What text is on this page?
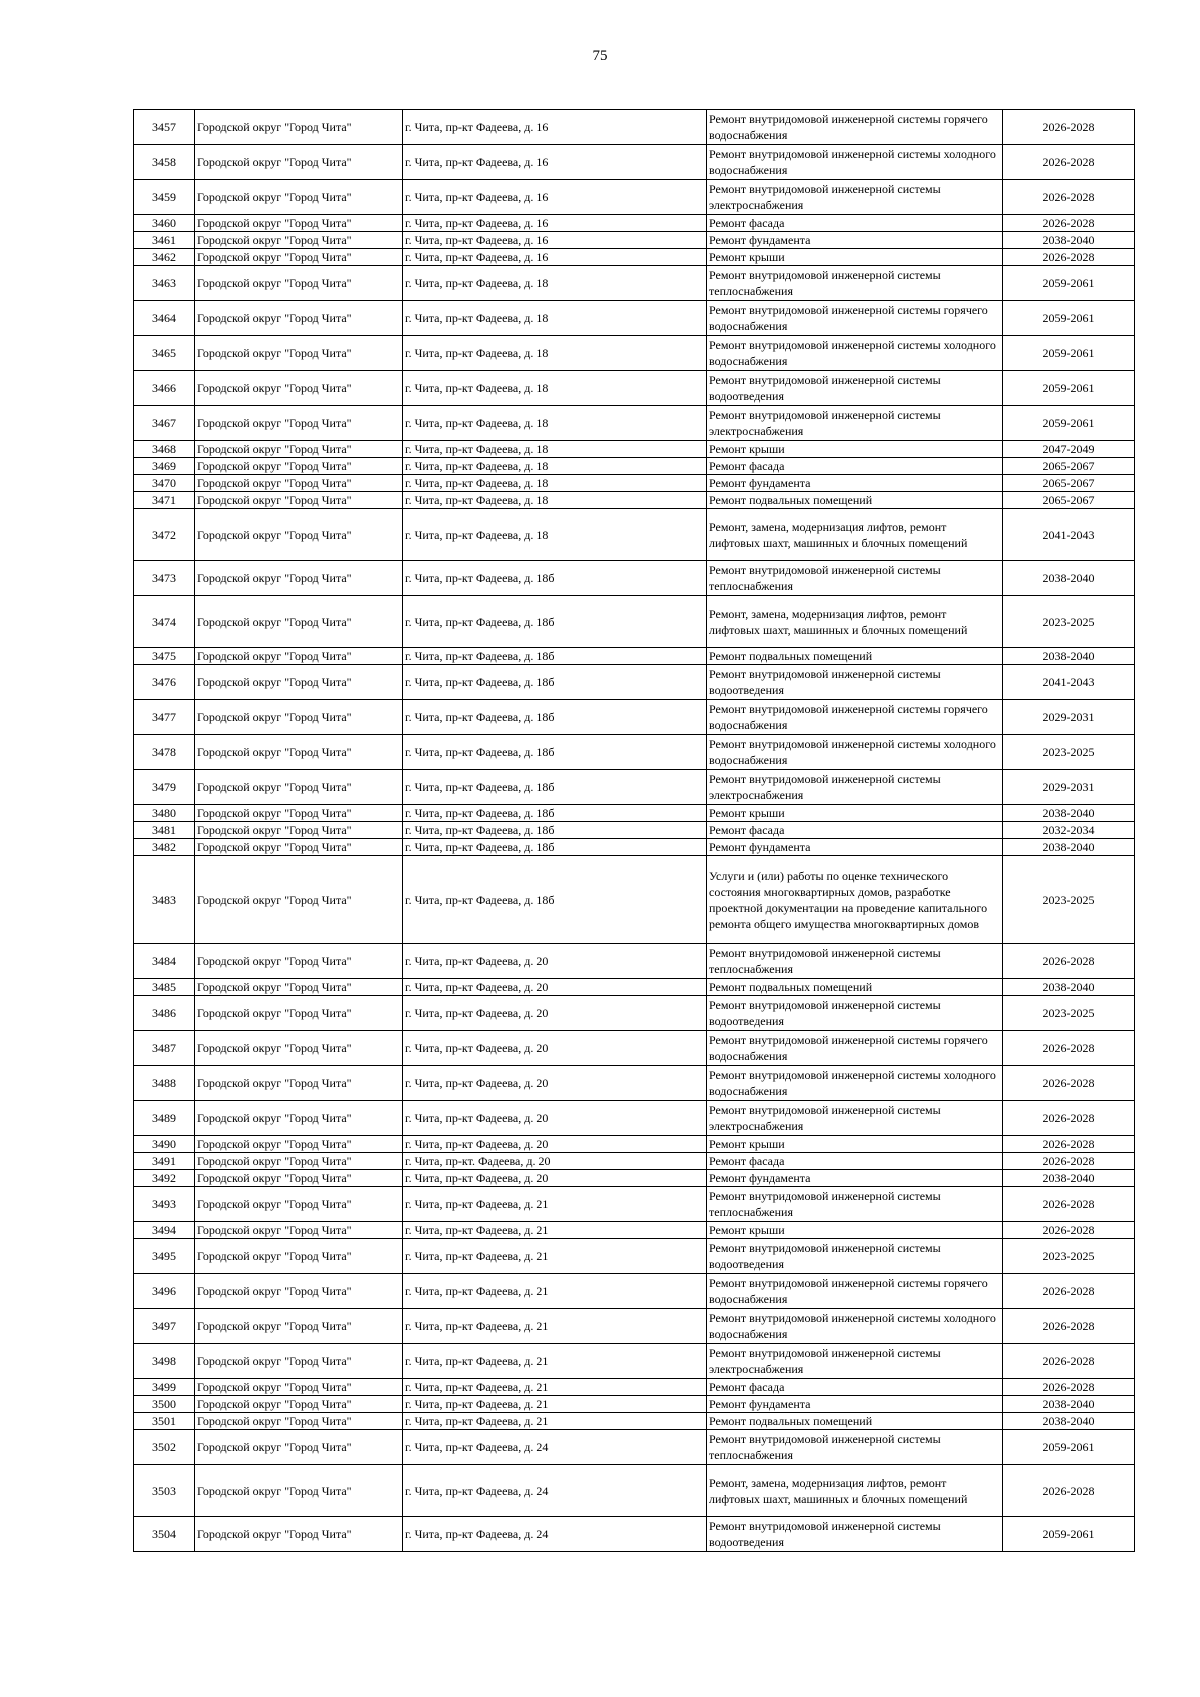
75
3457	Городской округ "Город Чита"	г. Чита, пр-кт Фадеева, д. 16	Ремонт внутридомовой инженерной системы горячего водоснабжения	2026-2028
3458	Городской округ "Город Чита"	г. Чита, пр-кт Фадеева, д. 16	Ремонт внутридомовой инженерной системы холодного водоснабжения	2026-2028
3459	Городской округ "Город Чита"	г. Чита, пр-кт Фадеева, д. 16	Ремонт внутридомовой инженерной системы электроснабжения	2026-2028
3460	Городской округ "Город Чита"	г. Чита, пр-кт Фадеева, д. 16	Ремонт фасада	2026-2028
3461	Городской округ "Город Чита"	г. Чита, пр-кт Фадеева, д. 16	Ремонт фундамента	2038-2040
3462	Городской округ "Город Чита"	г. Чита, пр-кт Фадеева, д. 16	Ремонт крыши	2026-2028
3463	Городской округ "Город Чита"	г. Чита, пр-кт Фадеева, д. 18	Ремонт внутридомовой инженерной системы теплоснабжения	2059-2061
3464	Городской округ "Город Чита"	г. Чита, пр-кт Фадеева, д. 18	Ремонт внутридомовой инженерной системы горячего водоснабжения	2059-2061
3465	Городской округ "Город Чита"	г. Чита, пр-кт Фадеева, д. 18	Ремонт внутридомовой инженерной системы холодного водоснабжения	2059-2061
3466	Городской округ "Город Чита"	г. Чита, пр-кт Фадеева, д. 18	Ремонт внутридомовой инженерной системы водоотведения	2059-2061
3467	Городской округ "Город Чита"	г. Чита, пр-кт Фадеева, д. 18	Ремонт внутридомовой инженерной системы электроснабжения	2059-2061
3468	Городской округ "Город Чита"	г. Чита, пр-кт Фадеева, д. 18	Ремонт крыши	2047-2049
3469	Городской округ "Город Чита"	г. Чита, пр-кт Фадеева, д. 18	Ремонт фасада	2065-2067
3470	Городской округ "Город Чита"	г. Чита, пр-кт Фадеева, д. 18	Ремонт фундамента	2065-2067
3471	Городской округ "Город Чита"	г. Чита, пр-кт Фадеева, д. 18	Ремонт подвальных помещений	2065-2067
3472	Городской округ "Город Чита"	г. Чита, пр-кт Фадеева, д. 18	Ремонт, замена, модернизация лифтов, ремонт лифтовых шахт, машинных и блочных помещений	2041-2043
3473	Городской округ "Город Чита"	г. Чита, пр-кт Фадеева, д. 18б	Ремонт внутридомовой инженерной системы теплоснабжения	2038-2040
3474	Городской округ "Город Чита"	г. Чита, пр-кт Фадеева, д. 18б	Ремонт, замена, модернизация лифтов, ремонт лифтовых шахт, машинных и блочных помещений	2023-2025
3475	Городской округ "Город Чита"	г. Чита, пр-кт Фадеева, д. 18б	Ремонт подвальных помещений	2038-2040
3476	Городской округ "Город Чита"	г. Чита, пр-кт Фадеева, д. 18б	Ремонт внутридомовой инженерной системы водоотведения	2041-2043
3477	Городской округ "Город Чита"	г. Чита, пр-кт Фадеева, д. 18б	Ремонт внутридомовой инженерной системы горячего водоснабжения	2029-2031
3478	Городской округ "Город Чита"	г. Чита, пр-кт Фадеева, д. 18б	Ремонт внутридомовой инженерной системы холодного водоснабжения	2023-2025
3479	Городской округ "Город Чита"	г. Чита, пр-кт Фадеева, д. 18б	Ремонт внутридомовой инженерной системы электроснабжения	2029-2031
3480	Городской округ "Город Чита"	г. Чита, пр-кт Фадеева, д. 18б	Ремонт крыши	2038-2040
3481	Городской округ "Город Чита"	г. Чита, пр-кт Фадеева, д. 18б	Ремонт фасада	2032-2034
3482	Городской округ "Город Чита"	г. Чита, пр-кт Фадеева, д. 18б	Ремонт фундамента	2038-2040
3483	Городской округ "Город Чита"	г. Чита, пр-кт Фадеева, д. 18б	Услуги и (или) работы по оценке технического состояния многоквартирных домов, разработке проектной документации на проведение капитального ремонта общего имущества многоквартирных домов	2023-2025
3484	Городской округ "Город Чита"	г. Чита, пр-кт Фадеева, д. 20	Ремонт внутридомовой инженерной системы теплоснабжения	2026-2028
3485	Городской округ "Город Чита"	г. Чита, пр-кт Фадеева, д. 20	Ремонт подвальных помещений	2038-2040
3486	Городской округ "Город Чита"	г. Чита, пр-кт Фадеева, д. 20	Ремонт внутридомовой инженерной системы водоотведения	2023-2025
3487	Городской округ "Город Чита"	г. Чита, пр-кт Фадеева, д. 20	Ремонт внутридомовой инженерной системы горячего водоснабжения	2026-2028
3488	Городской округ "Город Чита"	г. Чита, пр-кт Фадеева, д. 20	Ремонт внутридомовой инженерной системы холодного водоснабжения	2026-2028
3489	Городской округ "Город Чита"	г. Чита, пр-кт Фадеева, д. 20	Ремонт внутридомовой инженерной системы электроснабжения	2026-2028
3490	Городской округ "Город Чита"	г. Чита, пр-кт Фадеева, д. 20	Ремонт крыши	2026-2028
3491	Городской округ "Город Чита"	г. Чита, пр-кт. Фадеева, д. 20	Ремонт фасада	2026-2028
3492	Городской округ "Город Чита"	г. Чита, пр-кт Фадеева, д. 20	Ремонт фундамента	2038-2040
3493	Городской округ "Город Чита"	г. Чита, пр-кт Фадеева, д. 21	Ремонт внутридомовой инженерной системы теплоснабжения	2026-2028
3494	Городской округ "Город Чита"	г. Чита, пр-кт Фадеева, д. 21	Ремонт крыши	2026-2028
3495	Городской округ "Город Чита"	г. Чита, пр-кт Фадеева, д. 21	Ремонт внутридомовой инженерной системы водоотведения	2023-2025
3496	Городской округ "Город Чита"	г. Чита, пр-кт Фадеева, д. 21	Ремонт внутридомовой инженерной системы горячего водоснабжения	2026-2028
3497	Городской округ "Город Чита"	г. Чита, пр-кт Фадеева, д. 21	Ремонт внутридомовой инженерной системы холодного водоснабжения	2026-2028
3498	Городской округ "Город Чита"	г. Чита, пр-кт Фадеева, д. 21	Ремонт внутридомовой инженерной системы электроснабжения	2026-2028
3499	Городской округ "Город Чита"	г. Чита, пр-кт Фадеева, д. 21	Ремонт фасада	2026-2028
3500	Городской округ "Город Чита"	г. Чита, пр-кт Фадеева, д. 21	Ремонт фундамента	2038-2040
3501	Городской округ "Город Чита"	г. Чита, пр-кт Фадеева, д. 21	Ремонт подвальных помещений	2038-2040
3502	Городской округ "Город Чита"	г. Чита, пр-кт Фадеева, д. 24	Ремонт внутридомовой инженерной системы теплоснабжения	2059-2061
3503	Городской округ "Город Чита"	г. Чита, пр-кт Фадеева, д. 24	Ремонт, замена, модернизация лифтов, ремонт лифтовых шахт, машинных и блочных помещений	2026-2028
3504	Городской округ "Город Чита"	г. Чита, пр-кт Фадеева, д. 24	Ремонт внутридомовой инженерной системы водоотведения	2059-2061
